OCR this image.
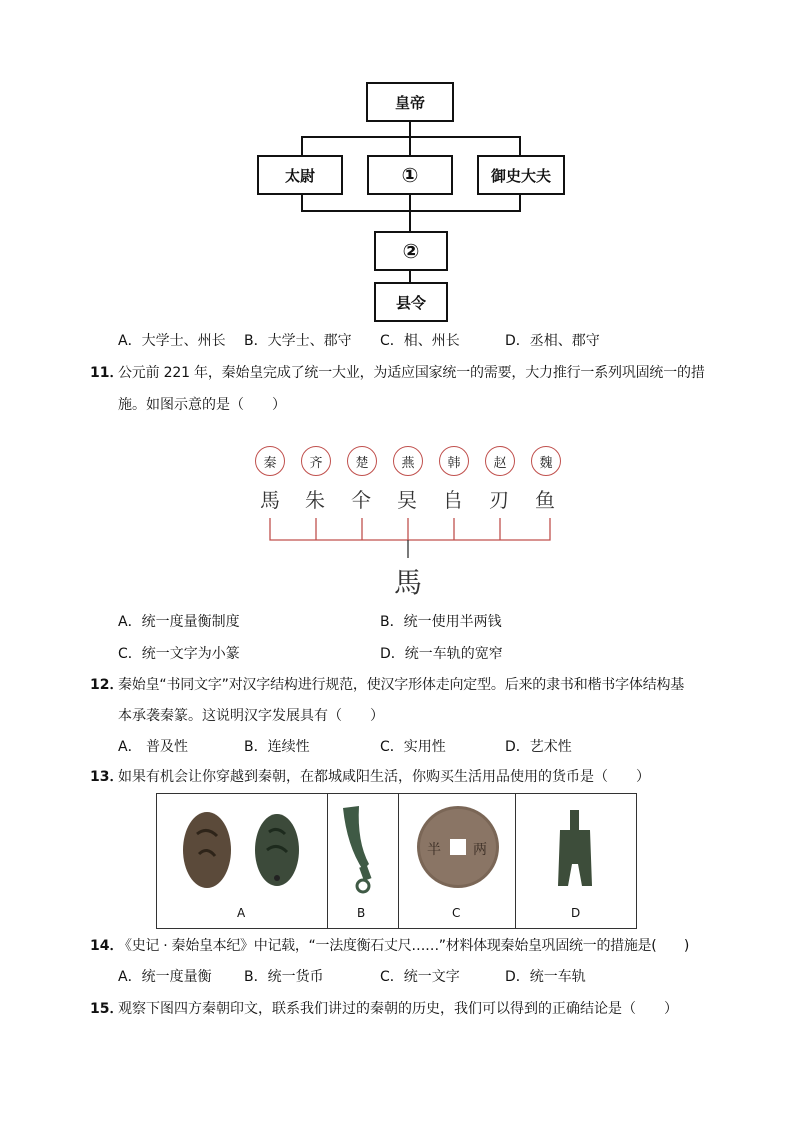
皇帝
太尉	①	御史大夫
②
县令
A．大学士、州长 B．大学士、郡守 C．相、州长	D．丞相、郡守
11．
公元前 221 年，秦始皇完成了统一大业，为适应国家统一的需要，大力推行一系列巩固统一的措
施。如图示意的是（　　）
秦	齐	楚	燕	韩	赵	魏
馬 朱 仐 旲 𠂤 刃 鱼
馬
A．统一度量衡制度	B．统一使用半两钱
C．统一文字为小篆	D．统一车轨的宽窄
12．
秦始皇“书同文字”对汉字结构进行规范，使汉字形体走向定型。后来的隶书和楷书字体结构基
本承袭秦篆。这说明汉字发展具有（　　）
A． 普及性	B．连续性	C．实用性	D．艺术性
13．
如果有机会让你穿越到秦朝，在都城咸阳生活，你购买生活用品使用的货币是（　　）
半 两
A	B	C	D
14．
《史记 · 秦始皇本纪》中记载，“一法度衡石丈尺……”材料体现秦始皇巩固统一的措施是(　　)
A．统一度量衡 B．统一货币	C．统一文字	D．统一车轨
15．
观察下图四方秦朝印文，联系我们讲过的秦朝的历史，我们可以得到的正确结论是（　　）
